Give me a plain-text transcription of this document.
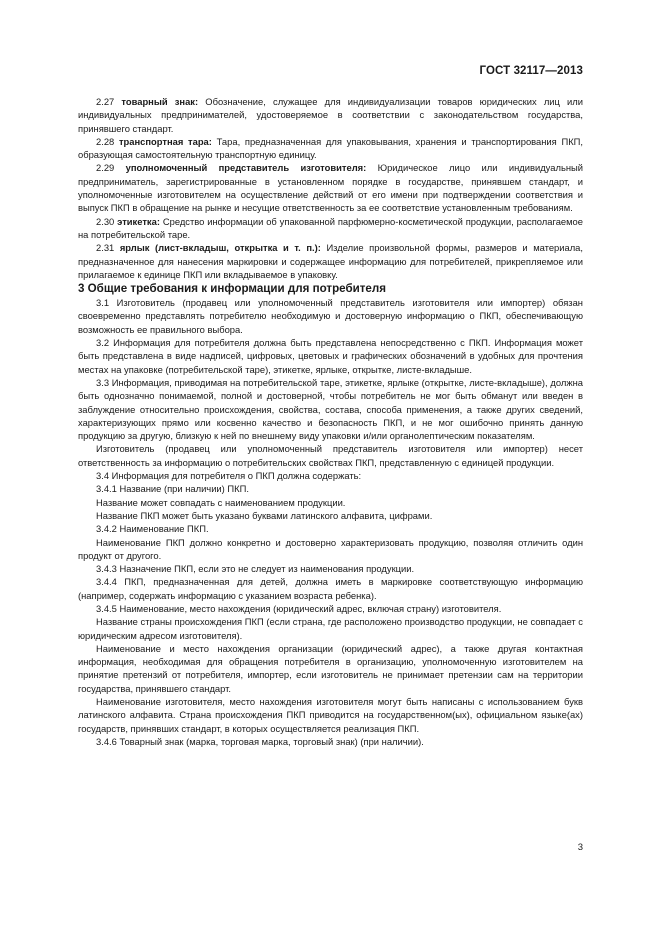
ГОСТ 32117—2013

2.27 товарный знак: Обозначение, служащее для индивидуализации товаров юридических лиц или индивидуальных предпринимателей, удостоверяемое в соответствии с законодательством государства, принявшего стандарт.

2.28 транспортная тара: Тара, предназначенная для упаковывания, хранения и транспортирования ПКП, образующая самостоятельную транспортную единицу.

2.29 уполномоченный представитель изготовителя: Юридическое лицо или индивидуальный предприниматель, зарегистрированные в установленном порядке в государстве, принявшем стандарт, и уполномоченные изготовителем на осуществление действий от его имени при подтверждении соответствия и выпуск ПКП в обращение на рынке и несущие ответственность за ее соответствие установленным требованиям.

2.30 этикетка: Средство информации об упакованной парфюмерно-косметической продукции, располагаемое на потребительской таре.

2.31 ярлык (лист-вкладыш, открытка и т. п.): Изделие произвольной формы, размеров и материала, предназначенное для нанесения маркировки и содержащее информацию для потребителей, прикрепляемое или прилагаемое к единице ПКП или вкладываемое в упаковку.

3 Общие требования к информации для потребителя

3.1 Изготовитель (продавец или уполномоченный представитель изготовителя или импортер) обязан своевременно представлять потребителю необходимую и достоверную информацию о ПКП, обеспечивающую возможность ее правильного выбора.

3.2 Информация для потребителя должна быть представлена непосредственно с ПКП. Информация может быть представлена в виде надписей, цифровых, цветовых и графических обозначений в удобных для прочтения местах на упаковке (потребительской таре), этикетке, ярлыке, открытке, листе-вкладыше.

3.3 Информация, приводимая на потребительской таре, этикетке, ярлыке (открытке, листе-вкладыше), должна быть однозначно понимаемой, полной и достоверной, чтобы потребитель не мог быть обманут или введен в заблуждение относительно происхождения, свойства, состава, способа применения, а также других сведений, характеризующих прямо или косвенно качество и безопасность ПКП, и не мог ошибочно принять данную продукцию за другую, близкую к ней по внешнему виду упаковки и/или органолептическим показателям.

Изготовитель (продавец или уполномоченный представитель изготовителя или импортер) несет ответственность за информацию о потребительских свойствах ПКП, представленную с единицей продукции.

3.4 Информация для потребителя о ПКП должна содержать:

3.4.1 Название (при наличии) ПКП.

Название может совпадать с наименованием продукции.

Название ПКП может быть указано буквами латинского алфавита, цифрами.

3.4.2 Наименование ПКП.

Наименование ПКП должно конкретно и достоверно характеризовать продукцию, позволяя отличить один продукт от другого.

3.4.3 Назначение ПКП, если это не следует из наименования продукции.

3.4.4 ПКП, предназначенная для детей, должна иметь в маркировке соответствующую информацию (например, содержать информацию с указанием возраста ребенка).

3.4.5 Наименование, место нахождения (юридический адрес, включая страну) изготовителя.

Название страны происхождения ПКП (если страна, где расположено производство продукции, не совпадает с юридическим адресом изготовителя).

Наименование и место нахождения организации (юридический адрес), а также другая контактная информация, необходимая для обращения потребителя в организацию, уполномоченную изготовителем на принятие претензий от потребителя, импортер, если изготовитель не принимает претензии сам на территории государства, принявшего стандарт.

Наименование изготовителя, место нахождения изготовителя могут быть написаны с использованием букв латинского алфавита. Страна происхождения ПКП приводится на государственном(ых), официальном языке(ах) государств, принявших стандарт, в которых осуществляется реализация ПКП.

3.4.6 Товарный знак (марка, торговая марка, торговый знак) (при наличии).

3
